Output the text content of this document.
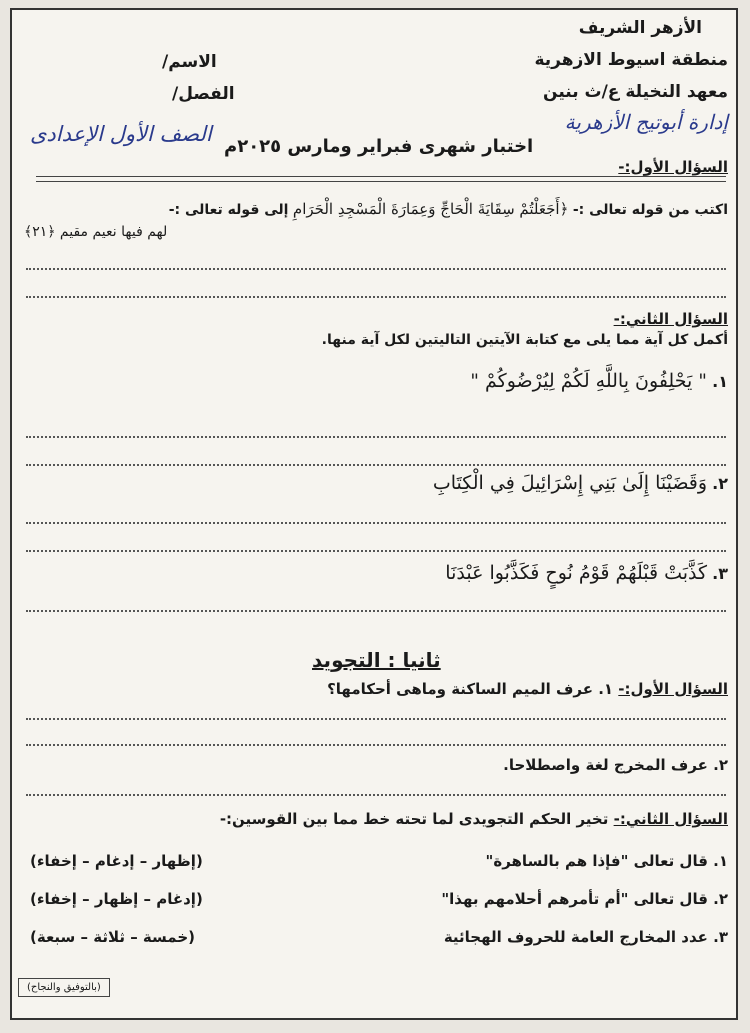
الأزهر الشريف
منطقة اسيوط الازهرية
معهد النخيلة ع/ث بنين
إدارة أبوتيج الأزهرية
الاسم/
الفصل/
الصف الأول الإعدادى
اختبار شهرى فبراير ومارس ٢٠٢٥م
السؤال الأول:-
اكتب من قوله تعالى :- ﴿أَجَعَلْتُمْ سِقَايَةَ الْحَاجِّ وَعِمَارَةَ الْمَسْجِدِ الْحَرَامِ إلى قوله تعالى :-
لهم فيها نعيم مقيم ﴿٢١﴾
السؤال الثاني:-
أكمل كل آية مما يلى مع كتابة الآيتين التاليتين لكل آية منها.
١. " يَحْلِفُونَ بِاللَّهِ لَكُمْ لِيُرْضُوكُمْ "
٢. وَقَضَيْنَا إِلَىٰ بَنِي إِسْرَائِيلَ فِي الْكِتَابِ
٣. كَذَّبَتْ قَبْلَهُمْ قَوْمُ نُوحٍ فَكَذَّبُوا عَبْدَنَا
ثانيا : التجويد
السؤال الأول:- ١. عرف الميم الساكنة وماهى أحكامها؟
٢. عرف المخرج لغة واصطلاحا.
السؤال الثاني:- تخير الحكم التجويدى لما تحته خط مما بين القوسين:-
١. قال تعالى "فإذا هم بالساهرة"
(إظهار – إدغام – إخفاء)
٢. قال تعالى "أم تأمرهم أحلامهم بهذا"
(إدغام – إظهار – إخفاء)
٣. عدد المخارج العامة للحروف الهجائية
(خمسة – ثلاثة – سبعة)
(بالتوفيق والنجاح)
